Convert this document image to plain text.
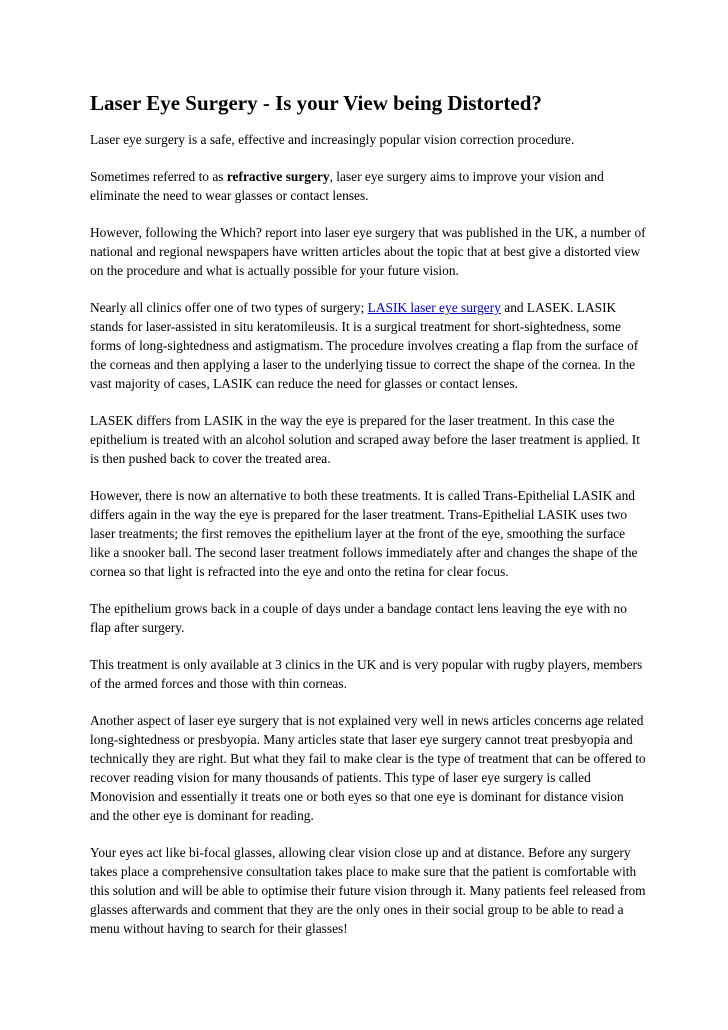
Laser Eye Surgery - Is your View being Distorted?

Laser eye surgery is a safe, effective and increasingly popular vision correction procedure.

Sometimes referred to as refractive surgery, laser eye surgery aims to improve your vision and eliminate the need to wear glasses or contact lenses.

However, following the Which? report into laser eye surgery that was published in the UK, a number of national and regional newspapers have written articles about the topic that at best give a distorted view on the procedure and what is actually possible for your future vision.

Nearly all clinics offer one of two types of surgery; LASIK laser eye surgery and LASEK. LASIK stands for laser-assisted in situ keratomileusis. It is a surgical treatment for short-sightedness, some forms of long-sightedness and astigmatism. The procedure involves creating a flap from the surface of the corneas and then applying a laser to the underlying tissue to correct the shape of the cornea. In the vast majority of cases, LASIK can reduce the need for glasses or contact lenses.

LASEK differs from LASIK in the way the eye is prepared for the laser treatment. In this case the epithelium is treated with an alcohol solution and scraped away before the laser treatment is applied. It is then pushed back to cover the treated area.

However, there is now an alternative to both these treatments. It is called Trans-Epithelial LASIK and differs again in the way the eye is prepared for the laser treatment. Trans-Epithelial LASIK uses two laser treatments; the first removes the epithelium layer at the front of the eye, smoothing the surface like a snooker ball. The second laser treatment follows immediately after and changes the shape of the cornea so that light is refracted into the eye and onto the retina for clear focus.

The epithelium grows back in a couple of days under a bandage contact lens leaving the eye with no flap after surgery.

This treatment is only available at 3 clinics in the UK and is very popular with rugby players, members of the armed forces and those with thin corneas.

Another aspect of laser eye surgery that is not explained very well in news articles concerns age related long-sightedness or presbyopia. Many articles state that laser eye surgery cannot treat presbyopia and technically they are right. But what they fail to make clear is the type of treatment that can be offered to recover reading vision for many thousands of patients. This type of laser eye surgery is called Monovision and essentially it treats one or both eyes so that one eye is dominant for distance vision and the other eye is dominant for reading.

Your eyes act like bi-focal glasses, allowing clear vision close up and at distance. Before any surgery takes place a comprehensive consultation takes place to make sure that the patient is comfortable with this solution and will be able to optimise their future vision through it. Many patients feel released from glasses afterwards and comment that they are the only ones in their social group to be able to read a menu without having to search for their glasses!
